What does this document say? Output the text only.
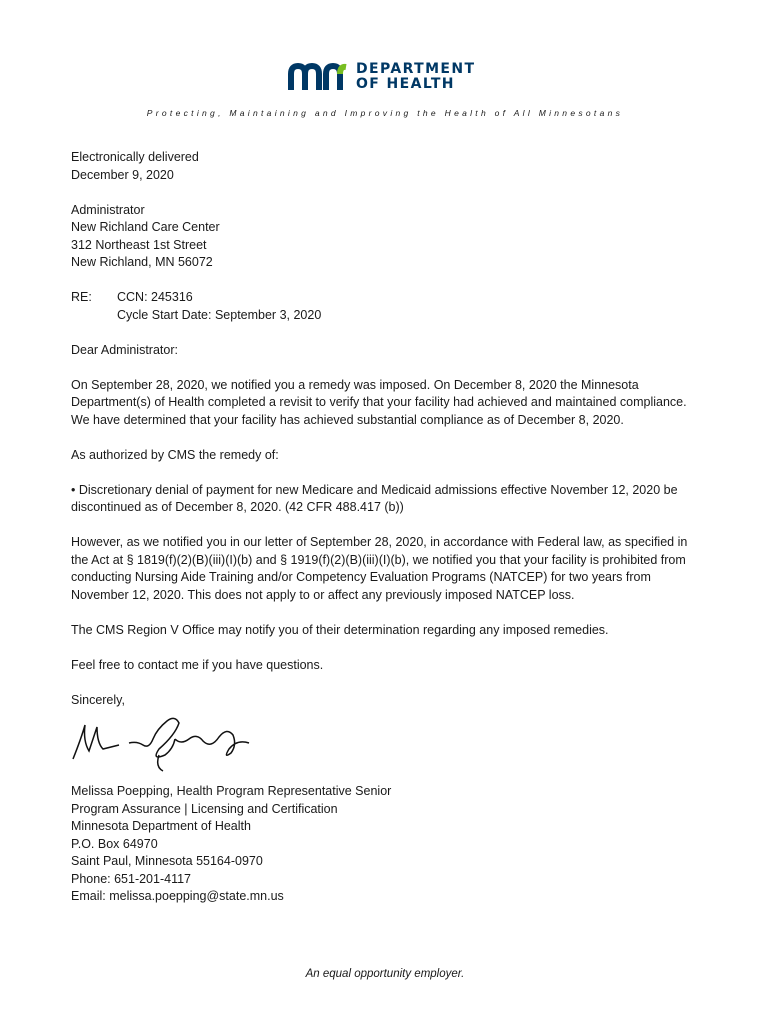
DEPARTMENT
OF HEALTH
Protecting, Maintaining and Improving the Health of All Minnesotans
Electronically delivered

December 9, 2020

Administrator
New Richland Care Center
312 Northeast 1st Street

New Richland, MN 56072

RE:	CCN: 245316
Cycle Start Date: September 3, 2020

Dear Administrator:

On September 28, 2020, we notified you a remedy was imposed. On December 8, 2020 the Minnesota Department(s) of Health completed a revisit to verify that your facility had achieved and maintained compliance. We have determined that your facility has achieved substantial compliance as of December 8, 2020.

As authorized by CMS the remedy of:

• Discretionary denial of payment for new Medicare and Medicaid admissions effective November 12, 2020 be discontinued as of December 8, 2020. (42 CFR 488.417 (b))

However, as we notified you in our letter of September 28, 2020, in accordance with Federal law, as specified in the Act at § 1819(f)(2)(B)(iii)(I)(b) and § 1919(f)(2)(B)(iii)(I)(b), we notified you that your facility is prohibited from conducting Nursing Aide Training and/or Competency Evaluation Programs (NATCEP) for two years from November 12, 2020. This does not apply to or affect any previously imposed NATCEP loss.

The CMS Region V Office may notify you of their determination regarding any imposed remedies.

Feel free to contact me if you have questions.

Sincerely,
Melissa Poepping, Health Program Representative Senior
Program Assurance | Licensing and Certification
Minnesota Department of Health
P.O. Box 64970
Saint Paul, Minnesota 55164-0970
Phone: 651-201-4117
Email: melissa.poepping@state.mn.us
An equal opportunity employer.
